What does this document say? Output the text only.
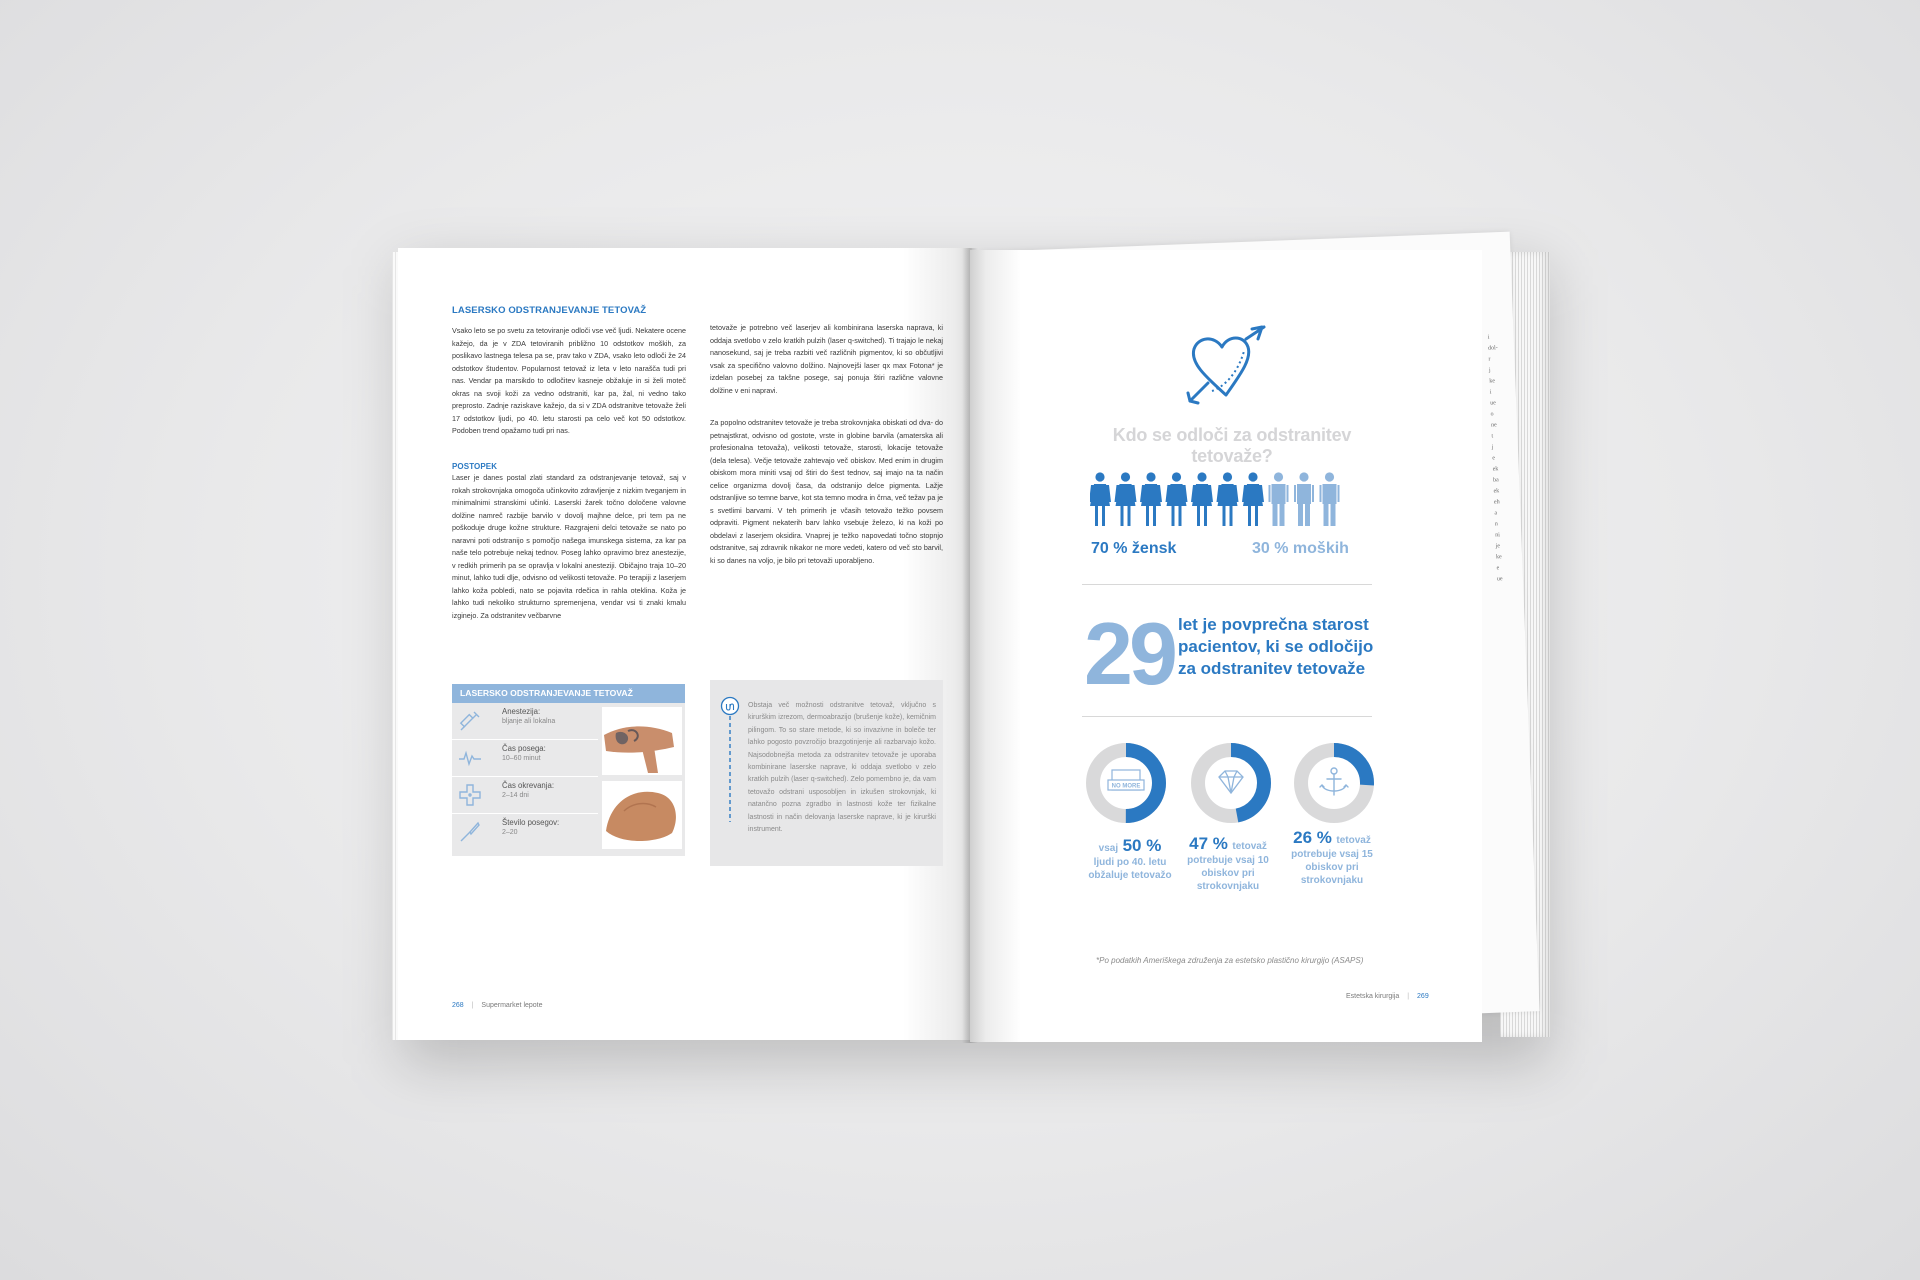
i
dol-
r
j
ke
i
ue
o
ne
t
j
e
ek
ba
ek
eh
a
n
ni
je
ke
e
ue
LASERSKO ODSTRANJEVANJE TETOVAŽ
Vsako leto se po svetu za tetoviranje odloči vse več ljudi. Nekatere ocene kažejo, da je v ZDA tetoviranih približno 10 odstotkov moških, za poslikavo lastnega telesa pa se, prav tako v ZDA, vsako leto odloči že 24 odstotkov študentov. Popularnost tetovaž iz leta v leto narašča tudi pri nas. Vendar pa marsikdo to odločitev kasneje obžaluje in si želi moteč okras na svoji koži za vedno odstraniti, kar pa, žal, ni vedno tako preprosto. Zadnje raziskave kažejo, da si v ZDA odstranitve tetovaže želi 17 odstotkov ljudi, po 40. letu starosti pa celo več kot 50 odstotkov. Podoben trend opažamo tudi pri nas.
POSTOPEK
Laser je danes postal zlati standard za odstranjevanje tetovaž, saj v rokah strokovnjaka omogoča učinkovito zdravljenje z nizkim tveganjem in minimalnimi stranskimi učinki. Laserski žarek točno določene valovne dolžine namreč razbije barvilo v dovolj majhne delce, pri tem pa ne poškoduje druge kožne strukture. Razgrajeni delci tetovaže se nato po naravni poti odstranijo s pomočjo našega imunskega sistema, za kar pa naše telo potrebuje nekaj tednov. Poseg lahko opravimo brez anestezije, v redkih primerih pa se opravlja v lokalni anesteziji. Običajno traja 10–20 minut, lahko tudi dlje, odvisno od velikosti tetovaže. Po terapiji z laserjem lahko koža pobledi, nato se pojavita rdečica in rahla oteklina. Koža je lahko tudi nekoliko strukturno spremenjena, vendar vsi ti znaki kmalu izginejo. Za odstranitev večbarvne
tetovaže je potrebno več laserjev ali kombinirana laserska naprava, ki oddaja svetlobo v zelo kratkih pulzih (laser q-switched). Ti trajajo le nekaj nanosekund, saj je treba razbiti več različnih pigmentov, ki so občutljivi vsak za specifično valovno dolžino. Najnovejši laser qx max Fotona* je izdelan posebej za takšne posege, saj ponuja štiri različne valovne dolžine v eni napravi.
Za popolno odstranitev tetovaže je treba strokovnjaka obiskati od dva- do petnajstkrat, odvisno od gostote, vrste in globine barvila (amaterska ali profesionalna tetovaža), velikosti tetovaže, starosti, lokacije tetovaže (dela telesa). Večje tetovaže zahtevajo več obiskov. Med enim in drugim obiskom mora miniti vsaj od štiri do šest tednov, saj imajo na ta način celice organizma dovolj časa, da odstranijo delce pigmenta. Lažje odstranljive so temne barve, kot sta temno modra in črna, več težav pa je s svetlimi barvami. V teh primerih je včasih tetovažo težko povsem odpraviti. Pigment nekaterih barv lahko vsebuje železo, ki na koži po obdelavi z laserjem oksidira. Vnaprej je težko napovedati točno stopnjo odstranitve, saj zdravnik nikakor ne more vedeti, katero od več sto barvil, ki so danes na voljo, je bilo pri tetovaži uporabljeno.
LASERSKO ODSTRANJEVANJE TETOVAŽ
Anestezija:
bljanje ali lokalna
Čas posega:
10–60 minut
Čas okrevanja:
2–14 dni
Število posegov:
2–20
Obstaja več možnosti odstranitve tetovaž, vključno s kirurškim izrezom, dermoabrazijo (brušenje kože), kemičnim pilingom. To so stare metode, ki so invazivne in boleče ter lahko pogosto povzročijo brazgotinjenje ali razbarvajo kožo. Najsodobnejša metoda za odstranitev tetovaže je uporaba kombinirane laserske naprave, ki oddaja svetlobo v zelo kratkih pulzih (laser q-switched). Zelo pomembno je, da vam tetovažo odstrani usposobljen in izkušen strokovnjak, ki natančno pozna zgradbo in lastnosti kože ter fizikalne lastnosti in način delovanja laserske naprave, ki je kirurški instrument.
268 | Supermarket lepote
Kdo se odloči za odstranitev tetovaže?
70 % žensk	30 % moških
29 let je povprečna starost pacientov, ki se odločijo za odstranitev tetovaže
NO MORE
vsaj 50 %
ljudi po 40. letu obžaluje tetovažo
47 % tetovaž
potrebuje vsaj 10 obiskov pri strokovnjaku
26 % tetovaž
potrebuje vsaj 15 obiskov pri strokovnjaku
*Po podatkih Ameriškega združenja za estetsko plastično kirurgijo (ASAPS)
Estetska kirurgija | 269
